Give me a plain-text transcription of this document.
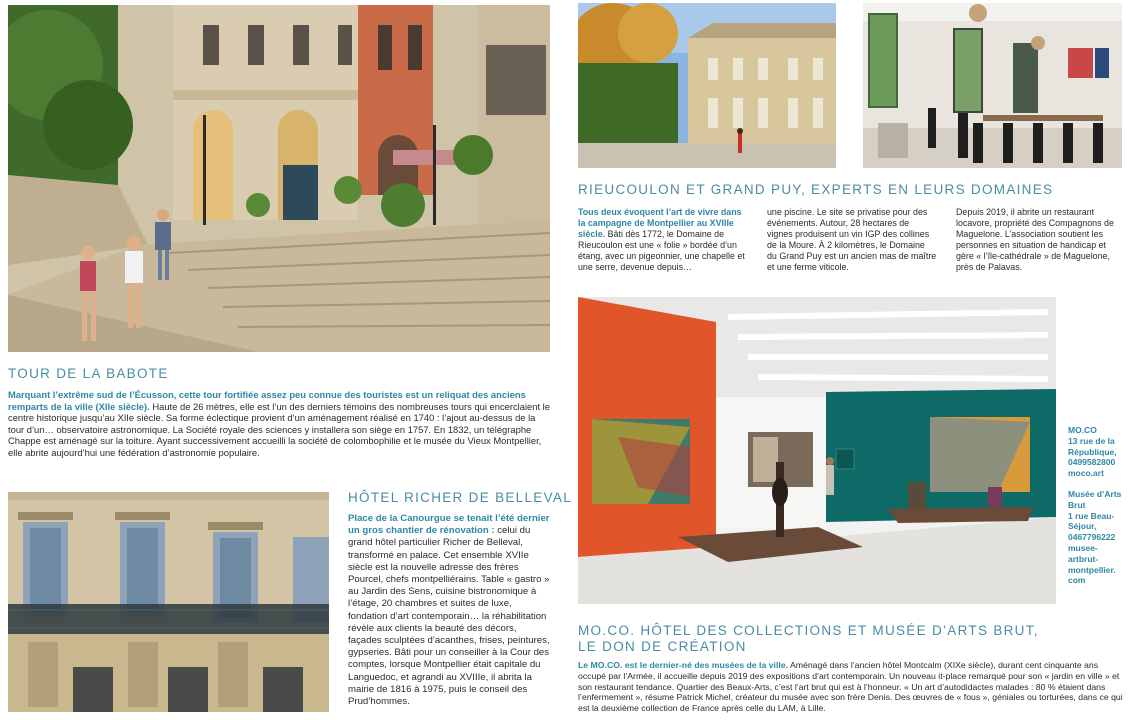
RIEUCOULON ET GRAND PUY, EXPERTS EN LEURS DOMAINES
Tous deux évoquent l’art de vivre dans la campagne de Montpellier au XVIIIe siècle. Bâti dès 1772, le Domaine de Rieucoulon est une « folie » bordée d’un étang, avec un pigeonnier, une chapelle et une serre, devenue depuis…
une piscine. Le site se privatise pour des événements. Autour, 28 hectares de vignes produisent un vin IGP des collines de la Moure. À 2 kilomètres, le Domaine du Grand Puy est un ancien mas de maître et une ferme viticole.
Depuis 2019, il abrite un restaurant locavore, propriété des Compagnons de Maguelone. L’association soutient les personnes en situation de handicap et gère « l’île-cathédrale » de Maguelone, près de Palavas.

MO.CO
13 rue de la
République,
0499582800
moco.art

Musée d’Arts
Brut
1 rue Beau-
Séjour,
0467796222
musee-
artbrut-
montpellier.
com

TOUR DE LA BABOTE
Marquant l’extrême sud de l’Écusson, cette tour fortifiée assez peu connue des touristes est un reliquat des anciens remparts de la ville (XIIe siècle). Haute de 26 mètres, elle est l’un des derniers témoins des nombreuses tours qui encerclaient le centre historique jusqu’au XIIe siècle. Sa forme éclectique provient d’un aménagement réalisé en 1740 : l’ajout au-dessus de la tour d’un… observatoire astronomique. La Société royale des sciences y installera son siège en 1757. En 1832, un télégraphe Chappe est aménagé sur la toiture. Ayant successivement accueilli la société de colombophilie et le musée du Vieux Montpellier, elle abrite aujourd’hui une fédération d’astronomie populaire.
HÔTEL RICHER DE BELLEVAL
Place de la Canourgue se tenait l’été dernier un gros chantier de rénovation : celui du grand hôtel particulier Richer de Belleval, transformé en palace. Cet ensemble XVIIe siècle est la nouvelle adresse des frères Pourcel, chefs montpelliérains. Table « gastro » au Jardin des Sens, cuisine bistronomique à l’étage, 20 chambres et suites de luxe, fondation d’art contemporain… la réhabilitation révèle aux clients la beauté des décors, façades sculptées d’acanthes, frises, peintures, gypseries. Bâti pour un conseiller à la Cour des comptes, lorsque Montpellier était capitale du Languedoc, et agrandi au XVIIIe, il abrita la mairie de 1816 à 1975, puis le conseil des Prud’hommes.
MO.CO. HÔTEL DES COLLECTIONS ET MUSÉE D’ARTS BRUT,
LE DON DE CRÉATION
Le MO.CO. est le dernier-né des musées de la ville. Aménagé dans l’ancien hôtel Montcalm (XIXe siècle), durant cent cinquante ans occupé par l’Armée, il accueille depuis 2019 des expositions d’art contemporain. Un nouveau it-place remarqué pour son « jardin en ville » et son restaurant tendance. Quartier des Beaux-Arts, c’est l’art brut qui est à l’honneur. « Un art d’autodidactes malades : 80 % étaient dans l’enfermement », résume Patrick Michel, créateur du musée avec son frère Denis. Des œuvres de « fous », géniales ou torturées, dans ce qui est la deuxième collection de France après celle du LAM, à Lille.
